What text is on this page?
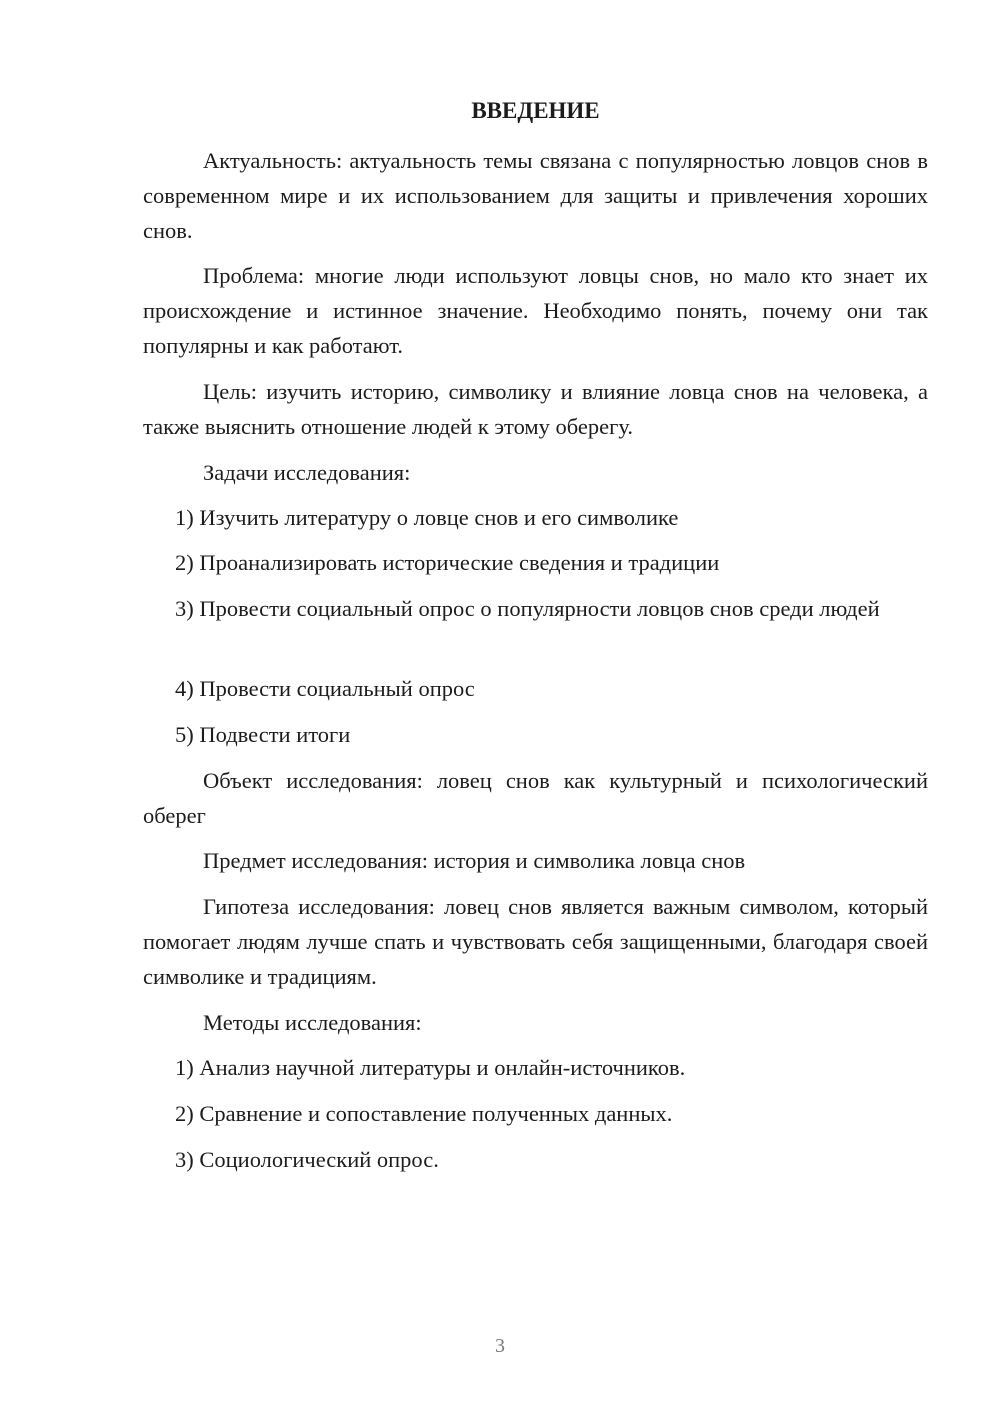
ВВЕДЕНИЕ

Актуальность: актуальность темы связана с популярностью ловцов снов в современном мире и их использованием для защиты и привлечения хороших снов.

Проблема: многие люди используют ловцы снов, но мало кто знает их происхождение и истинное значение. Необходимо понять, почему они так популярны и как работают.

Цель: изучить историю, символику и влияние ловца снов на человека, а также выяснить отношение людей к этому оберегу.

Задачи исследования:

1) Изучить литературу о ловце снов и его символике

2) Проанализировать исторические сведения и традиции

3) Провести социальный опрос о популярности ловцов снов среди людей

4) Провести социальный опрос

5) Подвести итоги

Объект исследования: ловец снов как культурный и психологический оберег

Предмет исследования: история и символика ловца снов

Гипотеза исследования: ловец снов является важным символом, который помогает людям лучше спать и чувствовать себя защищенными, благодаря своей символике и традициям.

Методы исследования:

1) Анализ научной литературы и онлайн-источников.

2) Сравнение и сопоставление полученных данных.

3) Социологический опрос.

3
